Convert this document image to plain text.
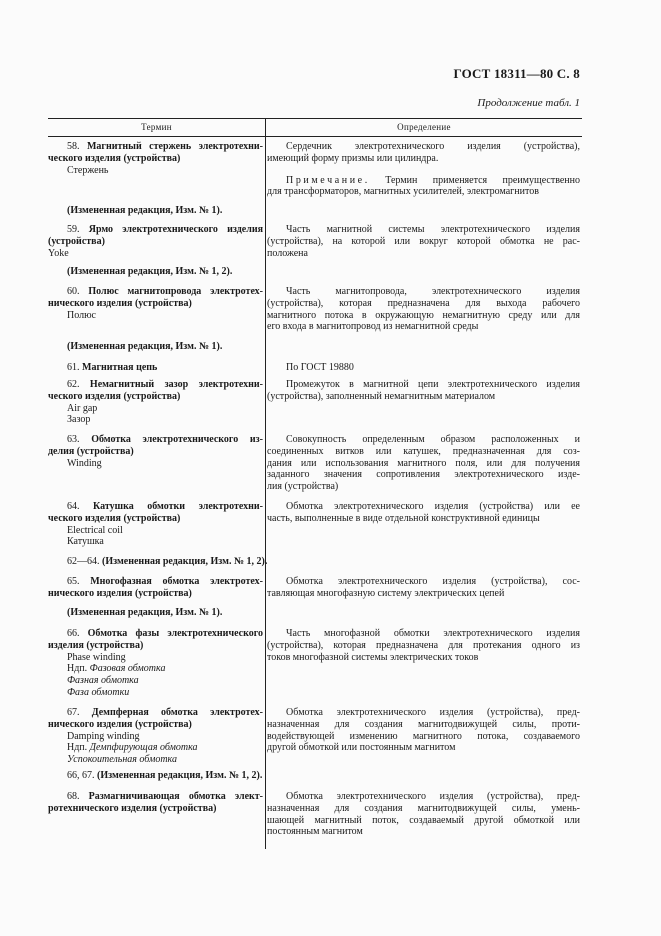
ГОСТ 18311—80 С. 8
Продолжение табл. 1
Термин	Определение
58. Магнитный стержень электротехни-
ческого изделия (устройства)
Стержень
Сердечник электротехнического изделия (устройства),
имеющий форму призмы или цилиндра.
Примечание. Термин применяется преимущественно
для трансформаторов, магнитных усилителей, электромагнитов
(Измененная редакция, Изм. № 1).
59. Ярмо электротехнического изделия
(устройства)
Yoke
Часть магнитной системы электротехнического изделия
(устройства), на которой или вокруг которой обмотка не рас-
положена
(Измененная редакция, Изм. № 1, 2).
60. Полюс магнитопровода электротех-
нического изделия (устройства)
Полюс
Часть магнитопровода, электротехнического изделия
(устройства), которая предназначена для выхода рабочего
магнитного потока в окружающую немагнитную среду или для
его входа в магнитопровод из немагнитной среды
(Измененная редакция, Изм. № 1).
61. Магнитная цепь	По ГОСТ 19880
62. Немагнитный зазор электротехни-
ческого изделия (устройства)
Air gap
Зазор
Промежуток в магнитной цепи электротехнического изделия
(устройства), заполненный немагнитным материалом
63. Обмотка электротехнического из-
делия (устройства)
Winding
Совокупность определенным образом расположенных и
соединенных витков или катушек, предназначенная для соз-
дания или использования магнитного поля, или для получения
заданного значения сопротивления электротехнического изде-
лия (устройства)
64. Катушка обмотки электротехни-
ческого изделия (устройства)
Electrical coil
Катушка
Обмотка электротехнического изделия (устройства) или ее
часть, выполненные в виде отдельной конструктивной единицы
62—64. (Измененная редакция, Изм. № 1, 2).
65. Многофазная обмотка электротех-
нического изделия (устройства)
Обмотка электротехнического изделия (устройства), сос-
тавляющая многофазную систему электрических цепей
(Измененная редакция, Изм. № 1).
66. Обмотка фазы электротехнического
изделия (устройства)
Phase winding
Ндп. Фазовая обмотка
Фазная обмотка
Фаза обмотки
Часть многофазной обмотки электротехнического изделия
(устройства), которая предназначена для протекания одного из
токов многофазной системы электрических токов
67. Демпферная обмотка электротех-
нического изделия (устройства)
Damping winding
Ндп. Демпфирующая обмотка
Успокоительная обмотка
Обмотка электротехнического изделия (устройства), пред-
назначенная для создания магнитодвижущей силы, проти-
водействующей изменению магнитного потока, создаваемого
другой обмоткой или постоянным магнитом
66, 67. (Измененная редакция, Изм. № 1, 2).
68. Размагничивающая обмотка элект-
ротехнического изделия (устройства)
Обмотка электротехнического изделия (устройства), пред-
назначенная для создания магнитодвижущей силы, умень-
шающей магнитный поток, создаваемый другой обмоткой или
постоянным магнитом
